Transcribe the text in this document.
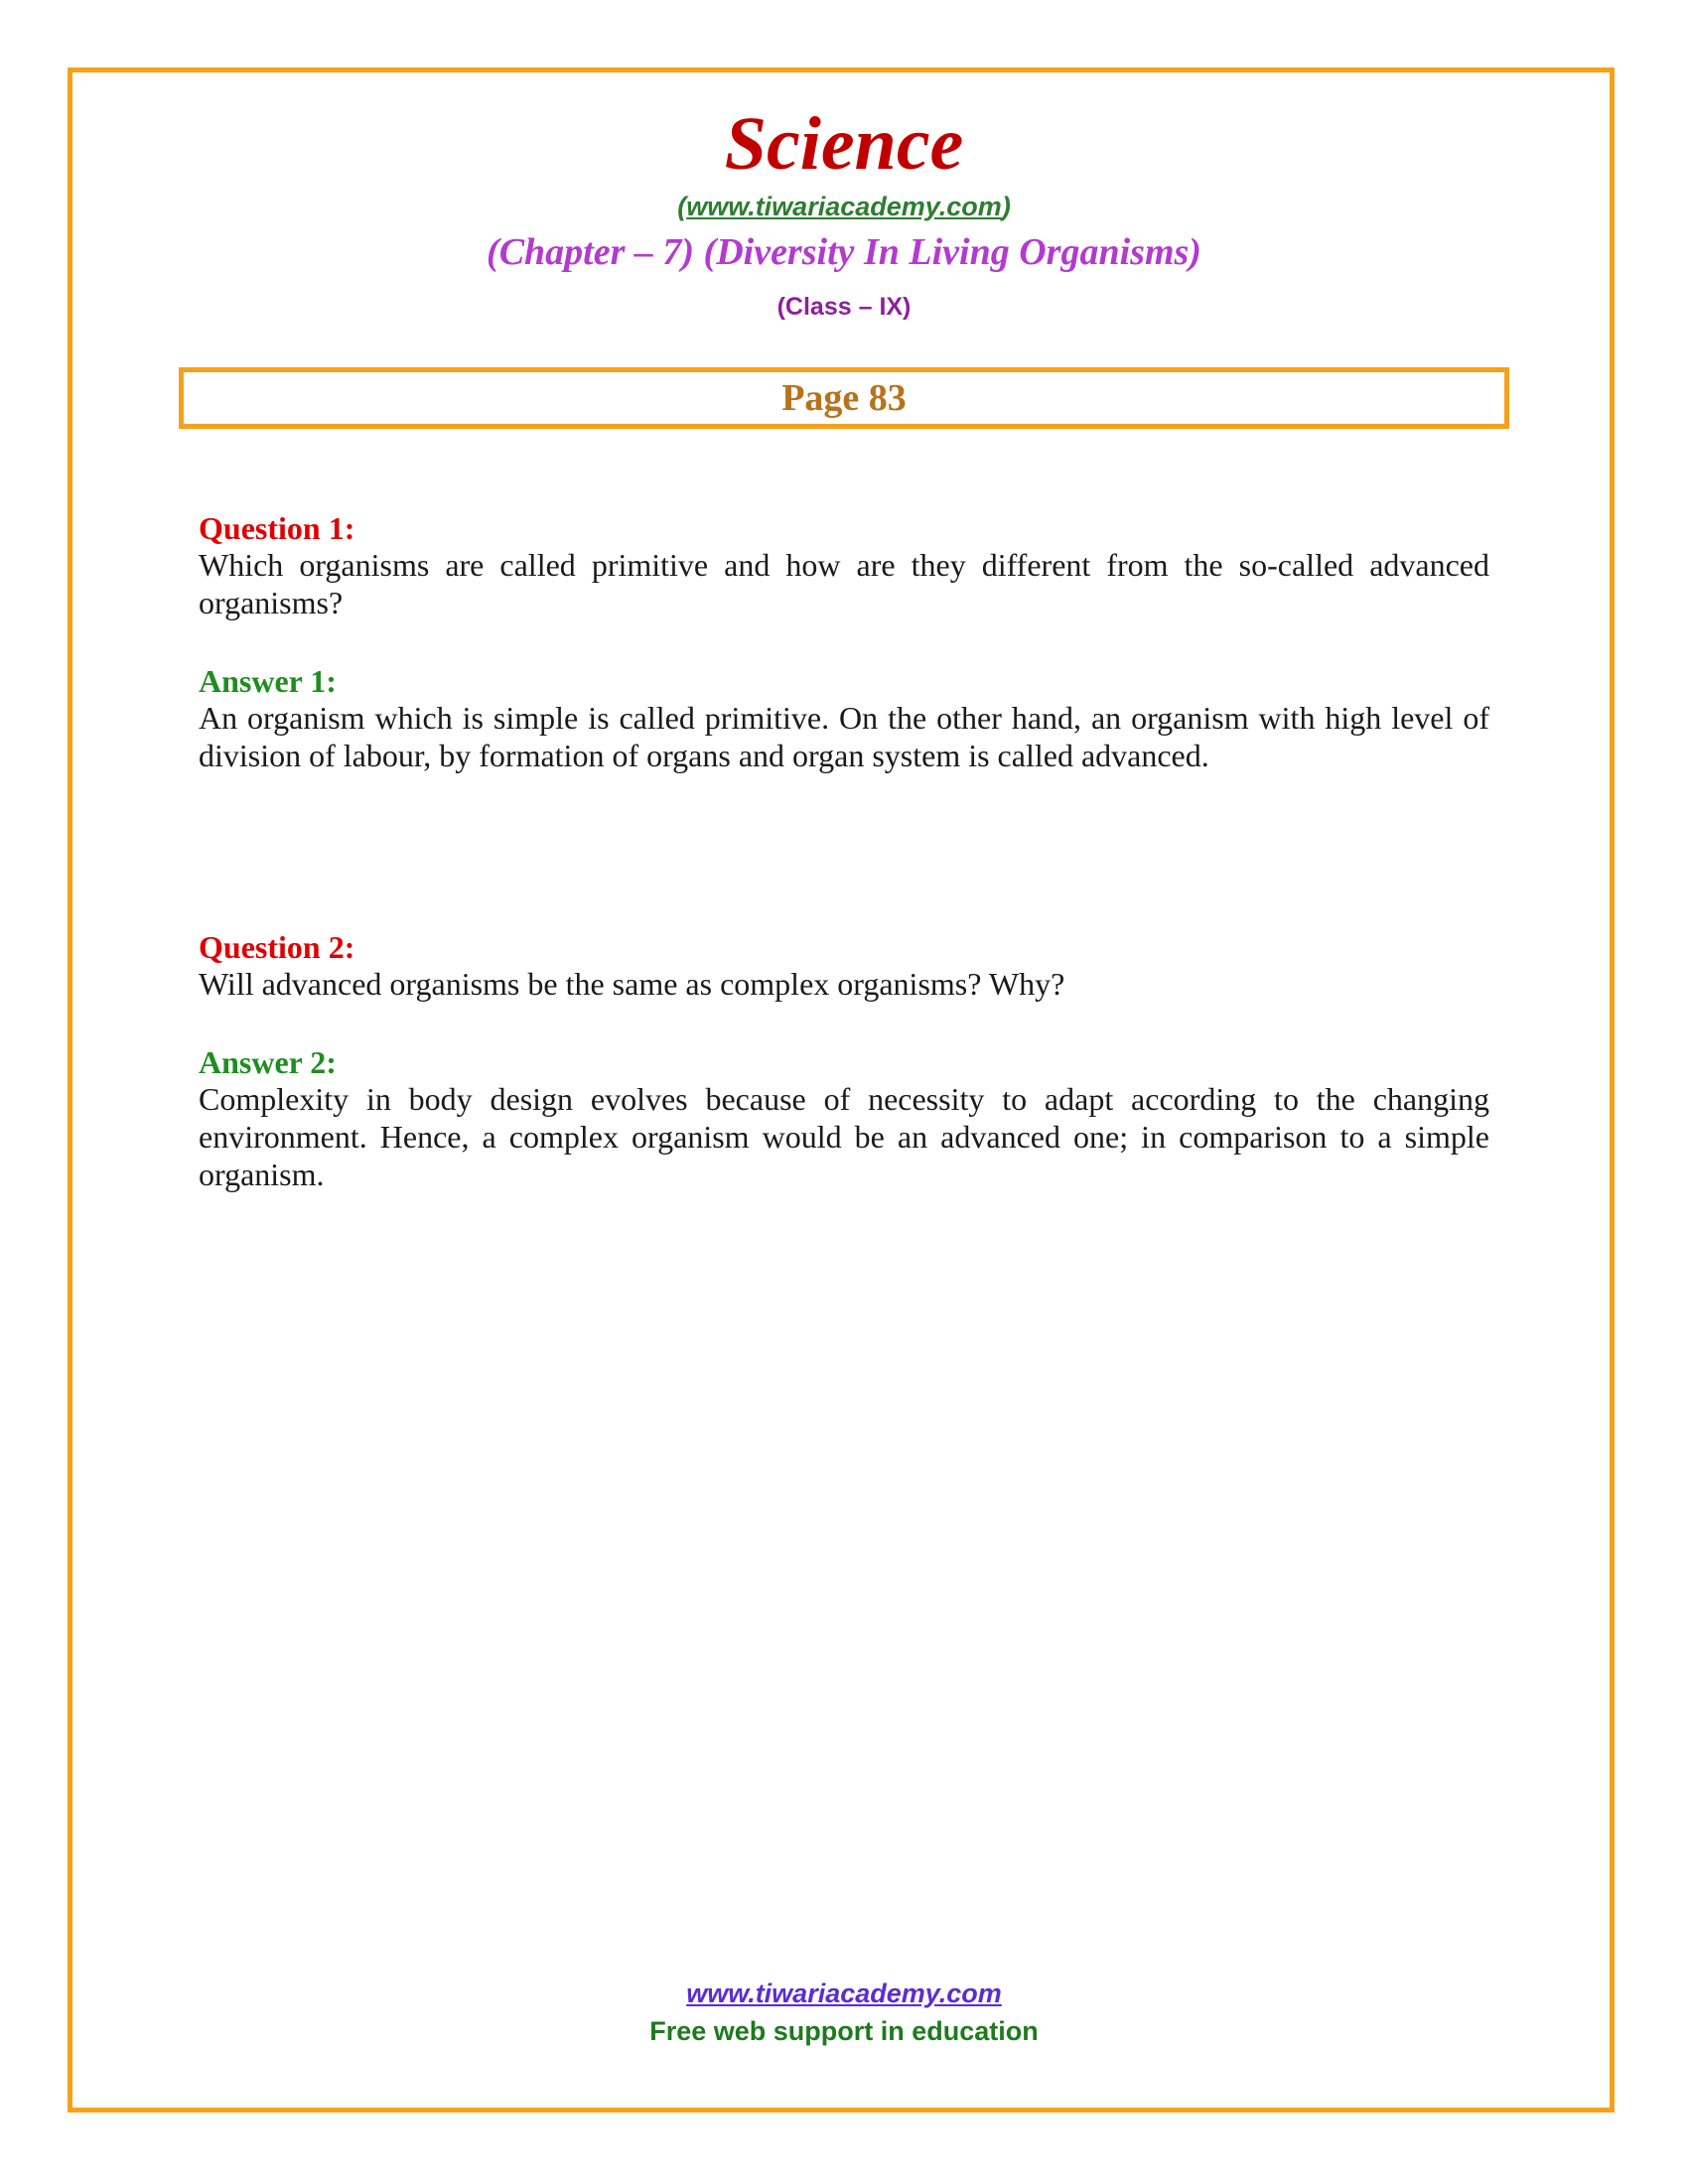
Science
(www.tiwariacademy.com)
(Chapter – 7) (Diversity In Living Organisms)
(Class – IX)
Page 83
Question 1:
Which organisms are called primitive and how are they different from the so-called advanced organisms?
Answer 1:
An organism which is simple is called primitive. On the other hand, an organism with high level of division of labour, by formation of organs and organ system is called advanced.
Question 2:
Will advanced organisms be the same as complex organisms? Why?
Answer 2:
Complexity in body design evolves because of necessity to adapt according to the changing environment. Hence, a complex organism would be an advanced one; in comparison to a simple organism.
www.tiwariacademy.com
Free web support in education
